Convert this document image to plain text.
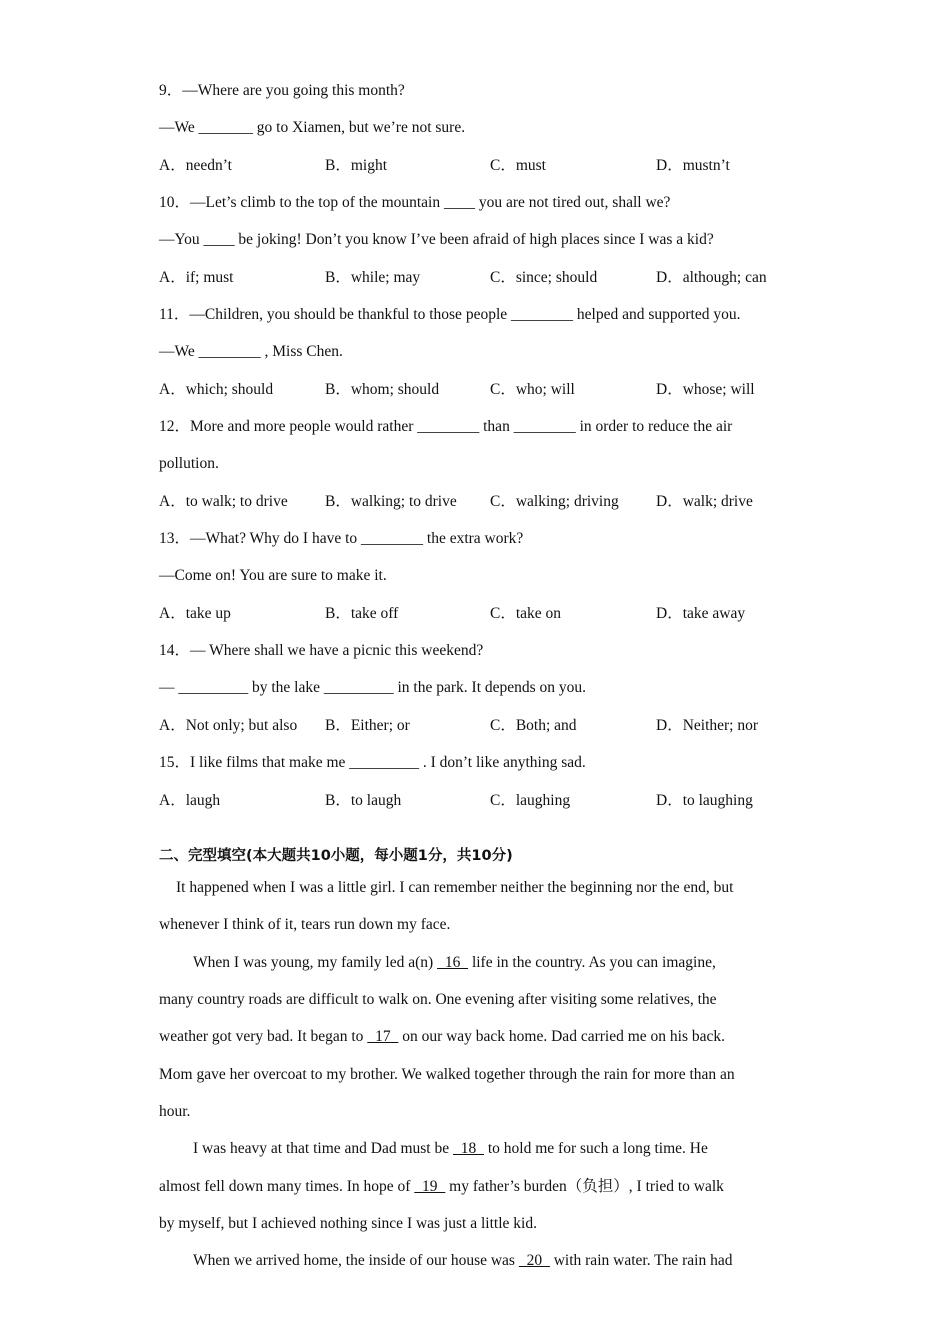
9．—Where are you going this month?
—We _______ go to Xiamen, but we’re not sure.
A．needn’t	B．might	C．must	D．mustn’t
10．—Let’s climb to the top of the mountain ____ you are not tired out, shall we?
—You ____ be joking! Don’t you know I’ve been afraid of high places since I was a kid?
A．if; must	B．while; may	C．since; should	D．although; can
11．—Children, you should be thankful to those people ________ helped and supported you.
—We ________ , Miss Chen.
A．which; should	B．whom; should	C．who; will	D．whose; will
12．More and more people would rather ________ than ________ in order to reduce the air
pollution.
A．to walk; to drive B．walking; to drive C．walking; driving D．walk; drive
13．—What? Why do I have to ________ the extra work?
—Come on! You are sure to make it.
A．take up	B．take off	C．take on	D．take away
14．— Where shall we have a picnic this weekend?
— _________ by the lake _________ in the park. It depends on you.
A．Not only; but also B．Either; or	C．Both; and	D．Neither; nor
15．I like films that make me _________ . I don’t like anything sad.
A．laugh	B．to laugh	C．laughing	D．to laughing
二、完型填空(本大题共10小题，每小题1分，共10分)
It happened when I was a little girl. I can remember neither the beginning nor the end, but
whenever I think of it, tears run down my face.
When I was young, my family led a(n)   16   life in the country. As you can imagine,
many country roads are difficult to walk on. One evening after visiting some relatives, the
weather got very bad. It began to   17   on our way back home. Dad carried me on his back.
Mom gave her overcoat to my brother. We walked together through the rain for more than an
hour.
I was heavy at that time and Dad must be   18   to hold me for such a long time. He
almost fell down many times. In hope of   19   my father’s burden（负担）, I tried to walk
by myself, but I achieved nothing since I was just a little kid.
When we arrived home, the inside of our house was   20   with rain water. The rain had
